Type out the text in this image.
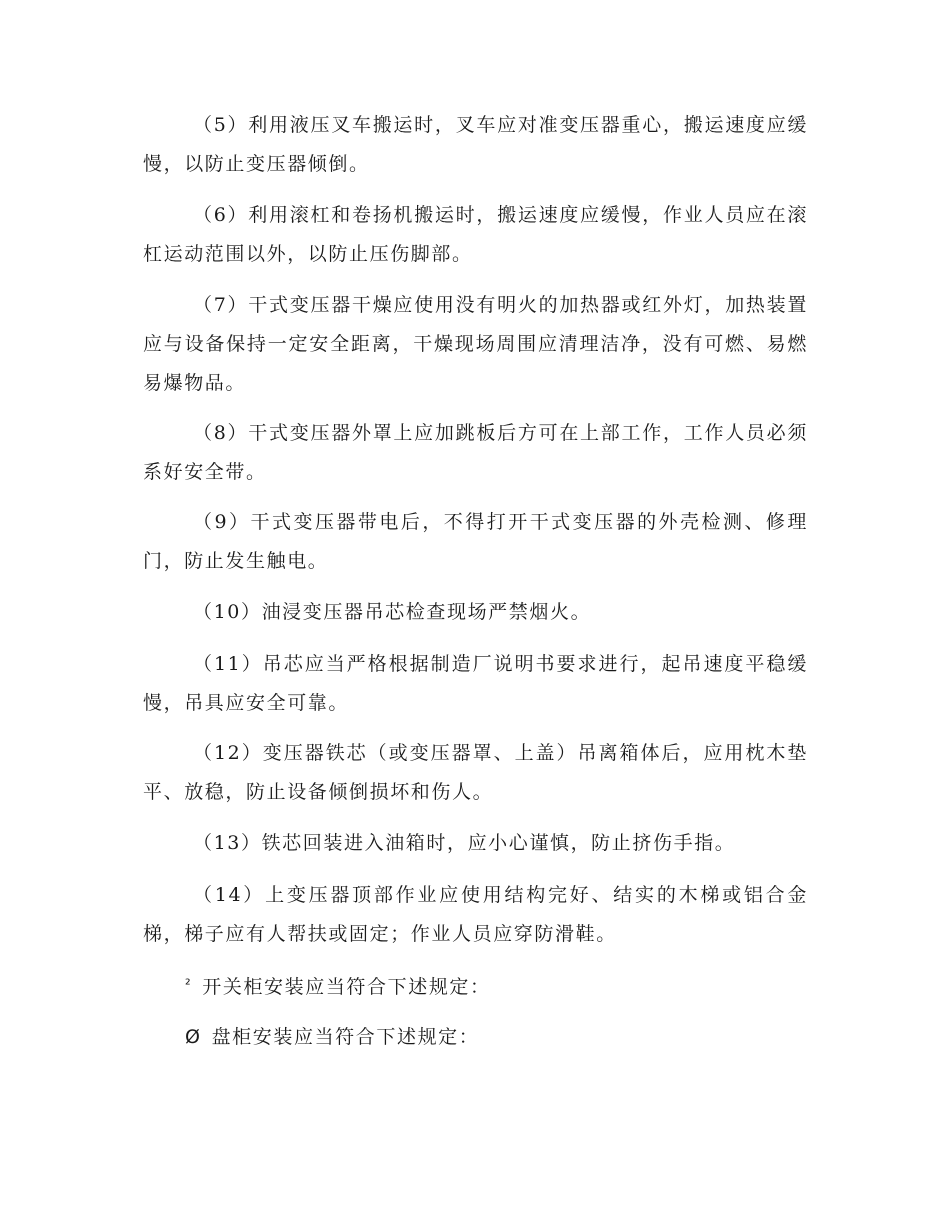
（5）利用液压叉车搬运时，叉车应对准变压器重心，搬运速度应缓慢，以防止变压器倾倒。

（6）利用滚杠和卷扬机搬运时，搬运速度应缓慢，作业人员应在滚杠运动范围以外，以防止压伤脚部。

（7）干式变压器干燥应使用没有明火的加热器或红外灯，加热装置应与设备保持一定安全距离，干燥现场周围应清理洁净，没有可燃、易燃易爆物品。

（8）干式变压器外罩上应加跳板后方可在上部工作，工作人员必须系好安全带。

（9）干式变压器带电后，不得打开干式变压器的外壳检测、修理门，防止发生触电。

（10）油浸变压器吊芯检查现场严禁烟火。

（11）吊芯应当严格根据制造厂说明书要求进行，起吊速度平稳缓慢，吊具应安全可靠。

（12）变压器铁芯（或变压器罩、上盖）吊离箱体后，应用枕木垫平、放稳，防止设备倾倒损坏和伤人。

（13）铁芯回装进入油箱时，应小心谨慎，防止挤伤手指。

（14）上变压器顶部作业应使用结构完好、结实的木梯或铝合金梯，梯子应有人帮扶或固定；作业人员应穿防滑鞋。

² 开关柜安装应当符合下述规定：

Ø 盘柜安装应当符合下述规定：
